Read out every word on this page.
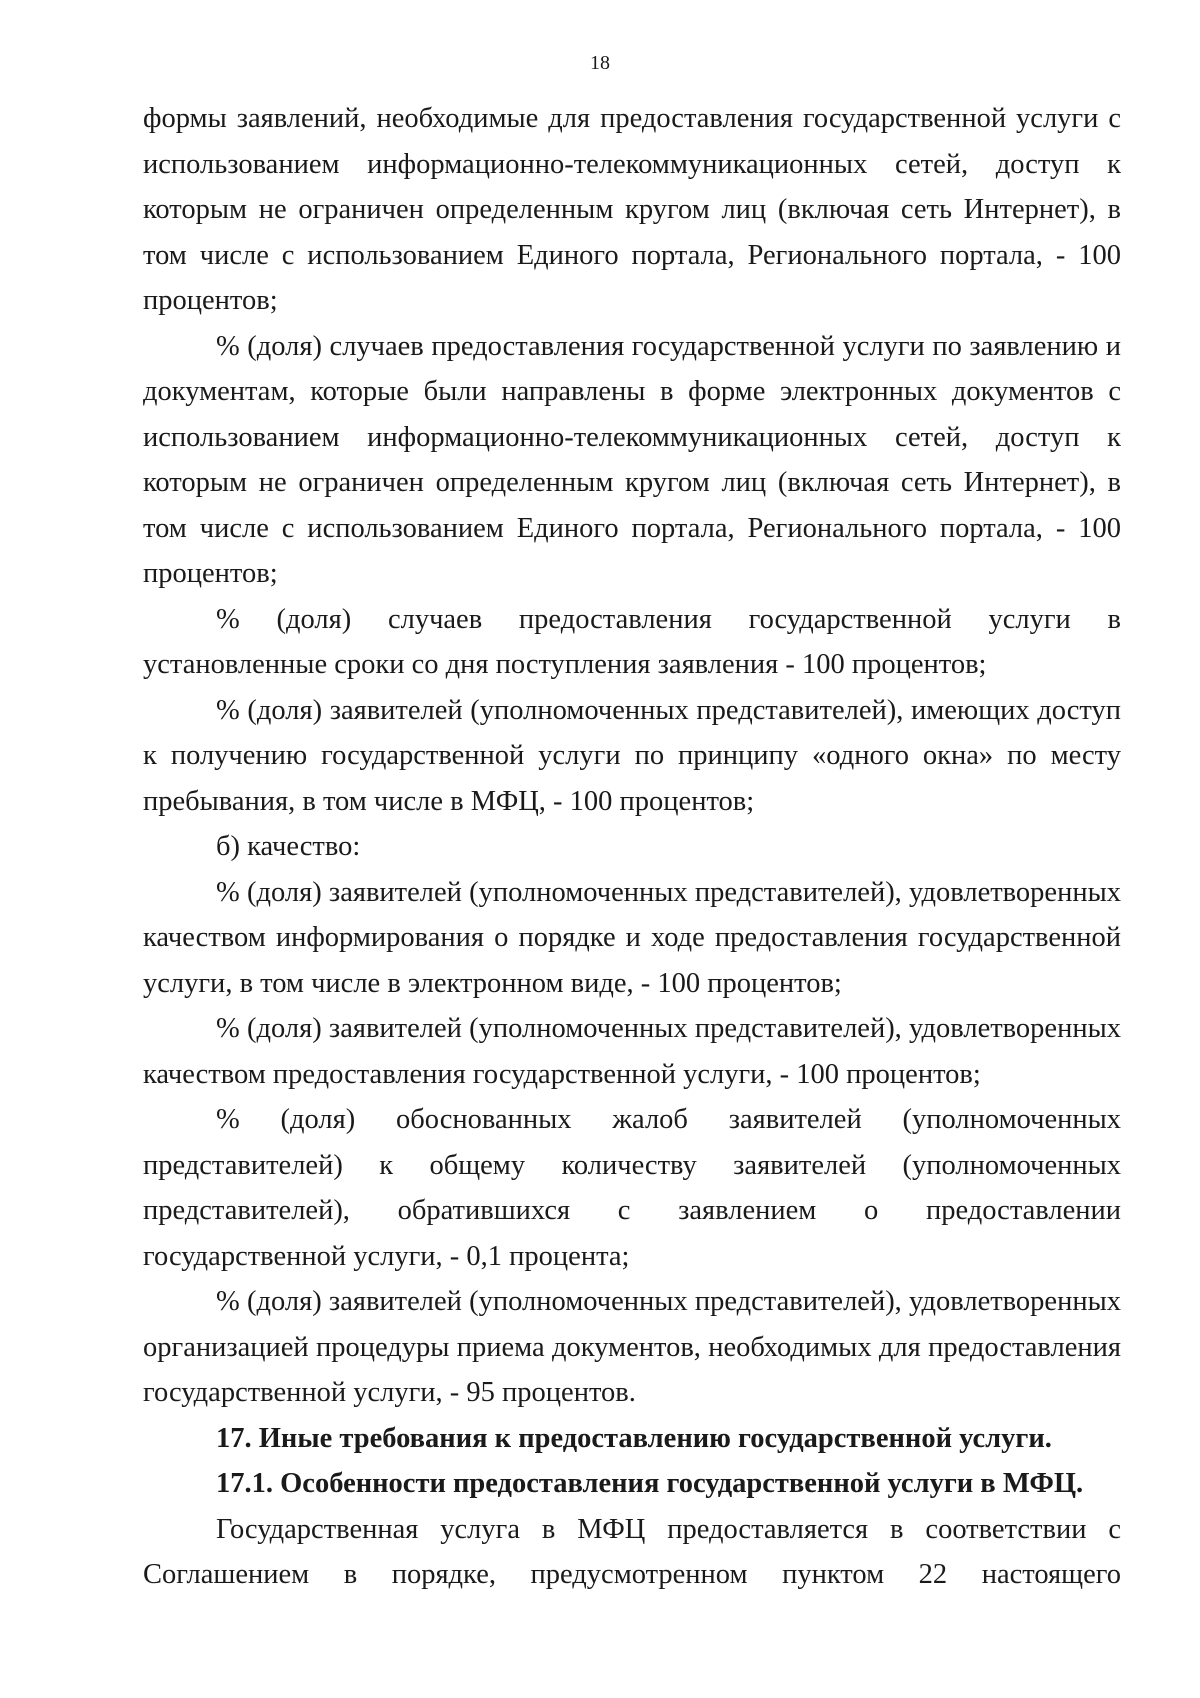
18

формы заявлений, необходимые для предоставления государственной услуги с использованием информационно-телекоммуникационных сетей, доступ к которым не ограничен определенным кругом лиц (включая сеть Интернет), в том числе с использованием Единого портала, Регионального портала, - 100 процентов;

% (доля) случаев предоставления государственной услуги по заявлению и документам, которые были направлены в форме электронных документов с использованием информационно-телекоммуникационных сетей, доступ к которым не ограничен определенным кругом лиц (включая сеть Интернет), в том числе с использованием Единого портала, Регионального портала, - 100 процентов;

% (доля) случаев предоставления государственной услуги в установленные сроки со дня поступления заявления - 100 процентов;

% (доля) заявителей (уполномоченных представителей), имеющих доступ к получению государственной услуги по принципу «одного окна» по месту пребывания, в том числе в МФЦ, - 100 процентов;

б) качество:

% (доля) заявителей (уполномоченных представителей), удовлетворенных качеством информирования о порядке и ходе предоставления государственной услуги, в том числе в электронном виде, - 100 процентов;

% (доля) заявителей (уполномоченных представителей), удовлетворенных качеством предоставления государственной услуги, - 100 процентов;

% (доля) обоснованных жалоб заявителей (уполномоченных представителей) к общему количеству заявителей (уполномоченных представителей), обратившихся с заявлением о предоставлении государственной услуги, - 0,1 процента;

% (доля) заявителей (уполномоченных представителей), удовлетворенных организацией процедуры приема документов, необходимых для предоставления государственной услуги, - 95 процентов.

17. Иные требования к предоставлению государственной услуги.

17.1. Особенности предоставления государственной услуги в МФЦ.

Государственная услуга в МФЦ предоставляется в соответствии с Соглашением в порядке, предусмотренном пунктом 22 настоящего
